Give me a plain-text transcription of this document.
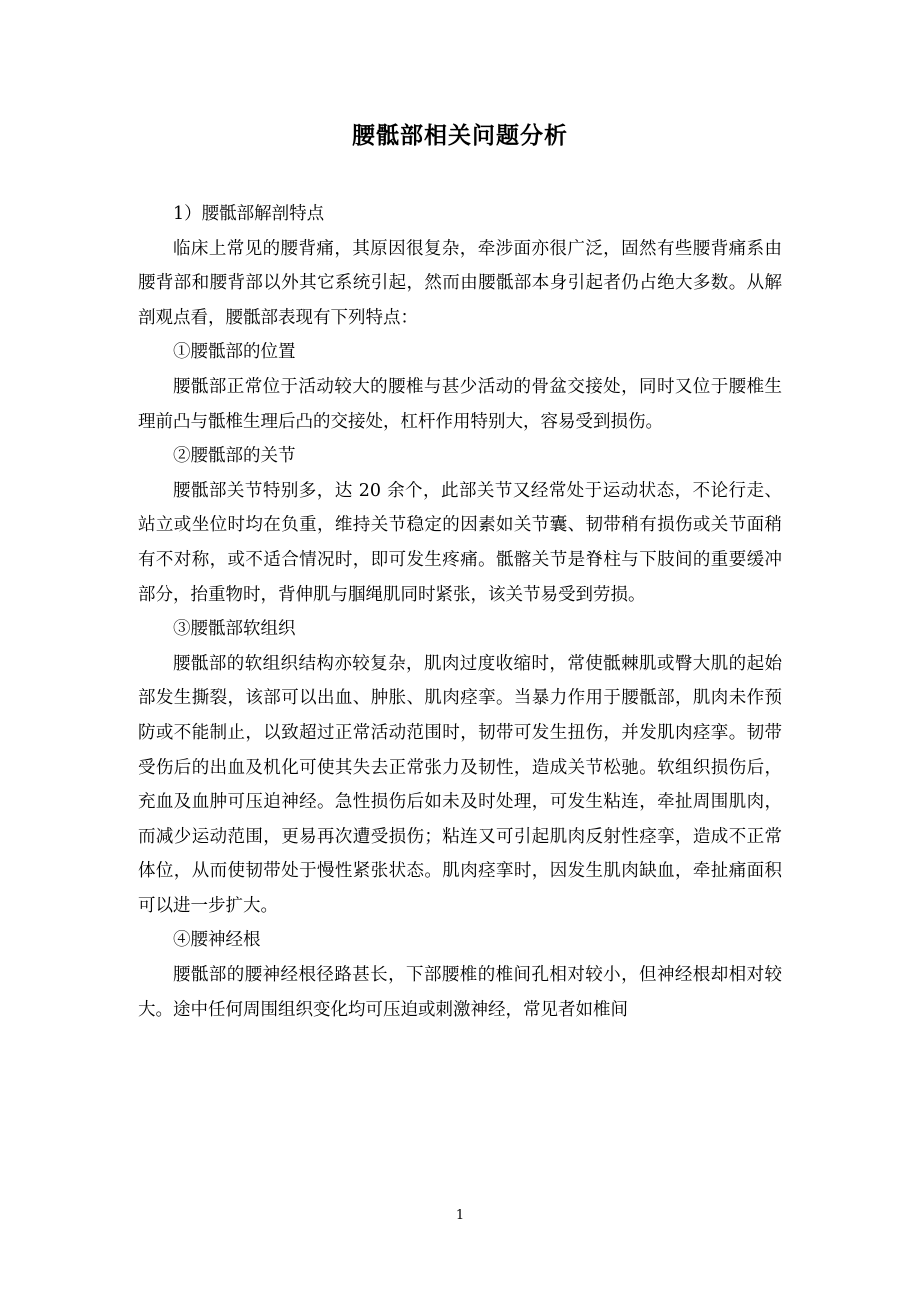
腰骶部相关问题分析

1）腰骶部解剖特点

临床上常见的腰背痛，其原因很复杂，牵涉面亦很广泛，固然有些腰背痛系由腰背部和腰背部以外其它系统引起，然而由腰骶部本身引起者仍占绝大多数。从解剖观点看，腰骶部表现有下列特点：

①腰骶部的位置

腰骶部正常位于活动较大的腰椎与甚少活动的骨盆交接处，同时又位于腰椎生理前凸与骶椎生理后凸的交接处，杠杆作用特别大，容易受到损伤。

②腰骶部的关节

腰骶部关节特别多，达 20 余个，此部关节又经常处于运动状态，不论行走、站立或坐位时均在负重，维持关节稳定的因素如关节囊、韧带稍有损伤或关节面稍有不对称，或不适合情况时，即可发生疼痛。骶髂关节是脊柱与下肢间的重要缓冲部分，抬重物时，背伸肌与腘绳肌同时紧张，该关节易受到劳损。

③腰骶部软组织

腰骶部的软组织结构亦较复杂，肌肉过度收缩时，常使骶棘肌或臀大肌的起始部发生撕裂，该部可以出血、肿胀、肌肉痉挛。当暴力作用于腰骶部，肌肉未作预防或不能制止，以致超过正常活动范围时，韧带可发生扭伤，并发肌肉痉挛。韧带受伤后的出血及机化可使其失去正常张力及韧性，造成关节松驰。软组织损伤后，充血及血肿可压迫神经。急性损伤后如未及时处理，可发生粘连，牵扯周围肌肉，而减少运动范围，更易再次遭受损伤；粘连又可引起肌肉反射性痉挛，造成不正常体位，从而使韧带处于慢性紧张状态。肌肉痉挛时，因发生肌肉缺血，牵扯痛面积可以进一步扩大。

④腰神经根

腰骶部的腰神经根径路甚长，下部腰椎的椎间孔相对较小，但神经根却相对较大。途中任何周围组织变化均可压迫或刺激神经，常见者如椎间

1
